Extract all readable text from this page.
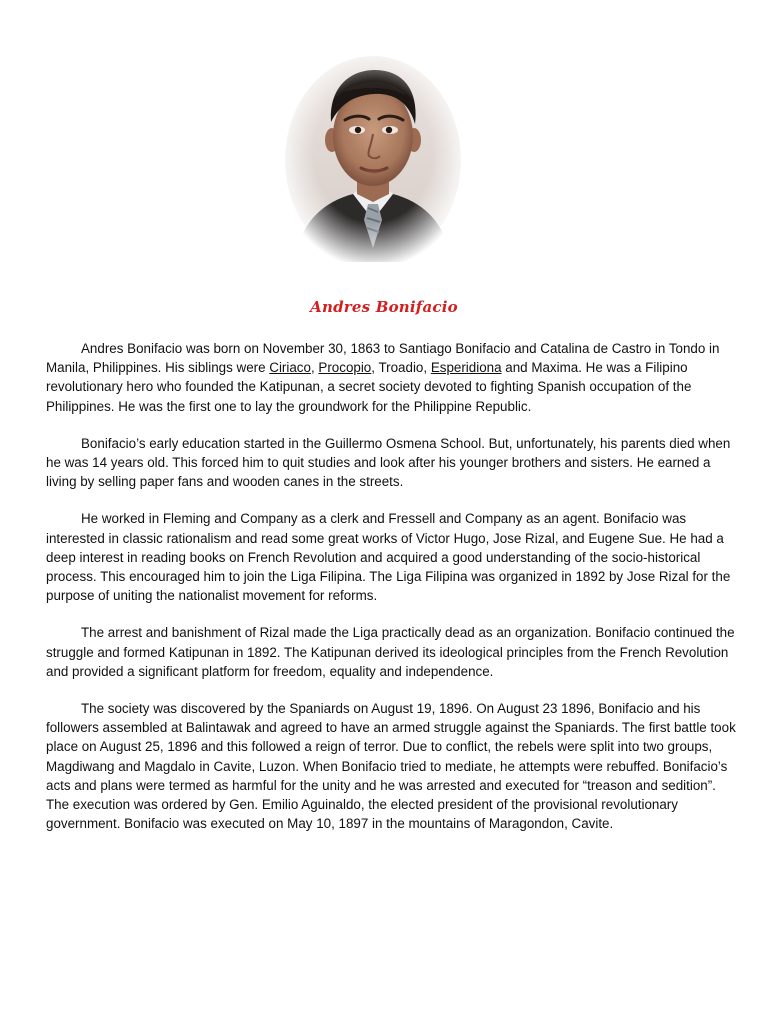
Andres Bonifacio

Andres Bonifacio was born on November 30, 1863 to Santiago Bonifacio and Catalina de Castro in Tondo in Manila, Philippines. His siblings were Ciriaco, Procopio, Troadio, Esperidiona and Maxima. He was a Filipino revolutionary hero who founded the Katipunan, a secret society devoted to fighting Spanish occupation of the Philippines. He was the first one to lay the groundwork for the Philippine Republic.

Bonifacio’s early education started in the Guillermo Osmena School. But, unfortunately, his parents died when he was 14 years old. This forced him to quit studies and look after his younger brothers and sisters. He earned a living by selling paper fans and wooden canes in the streets.

He worked in Fleming and Company as a clerk and Fressell and Company as an agent. Bonifacio was interested in classic rationalism and read some great works of Victor Hugo, Jose Rizal, and Eugene Sue. He had a deep interest in reading books on French Revolution and acquired a good understanding of the socio-historical process. This encouraged him to join the Liga Filipina. The Liga Filipina was organized in 1892 by Jose Rizal for the purpose of uniting the nationalist movement for reforms.

The arrest and banishment of Rizal made the Liga practically dead as an organization. Bonifacio continued the struggle and formed Katipunan in 1892. The Katipunan derived its ideological principles from the French Revolution and provided a significant platform for freedom, equality and independence.

The society was discovered by the Spaniards on August 19, 1896. On August 23 1896, Bonifacio and his followers assembled at Balintawak and agreed to have an armed struggle against the Spaniards. The first battle took place on August 25, 1896 and this followed a reign of terror. Due to conflict, the rebels were split into two groups, Magdiwang and Magdalo in Cavite, Luzon. When Bonifacio tried to mediate, he attempts were rebuffed. Bonifacio’s acts and plans were termed as harmful for the unity and he was arrested and executed for “treason and sedition”. The execution was ordered by Gen. Emilio Aguinaldo, the elected president of the provisional revolutionary government. Bonifacio was executed on May 10, 1897 in the mountains of Maragondon, Cavite.
